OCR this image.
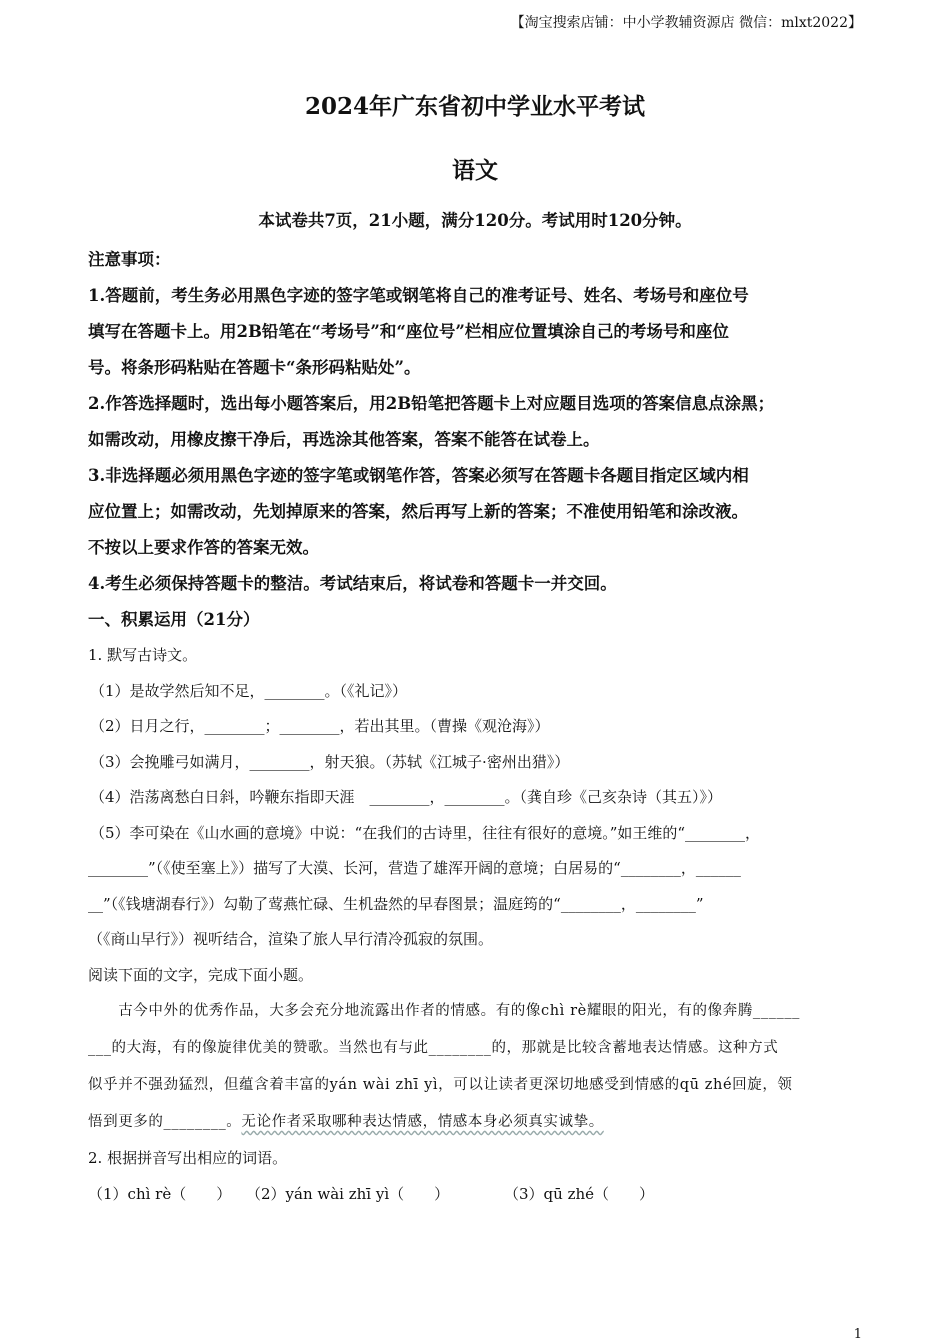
【淘宝搜索店铺：中小学教辅资源店 微信：mlxt2022】
2024年广东省初中学业水平考试
语文
本试卷共7页，21小题，满分120分。考试用时120分钟。
注意事项：
1.答题前，考生务必用黑色字迹的签字笔或钢笔将自己的准考证号、姓名、考场号和座位号
填写在答题卡上。用2B铅笔在“考场号”和“座位号”栏相应位置填涂自己的考场号和座位
号。将条形码粘贴在答题卡“条形码粘贴处”。
2.作答选择题时，选出每小题答案后，用2B铅笔把答题卡上对应题目选项的答案信息点涂黑；
如需改动，用橡皮擦干净后，再选涂其他答案，答案不能答在试卷上。
3.非选择题必须用黑色字迹的签字笔或钢笔作答，答案必须写在答题卡各题目指定区域内相
应位置上；如需改动，先划掉原来的答案，然后再写上新的答案；不准使用铅笔和涂改液。
不按以上要求作答的答案无效。
4.考生必须保持答题卡的整洁。考试结束后，将试卷和答题卡一并交回。
一、积累运用（21分）
1. 默写古诗文。
（1）是故学然后知不足，________。（《礼记》）
（2）日月之行，________；________，若出其里。（曹操《观沧海》）
（3）会挽雕弓如满月，________，射天狼。（苏轼《江城子·密州出猎》）
（4）浩荡离愁白日斜，吟鞭东指即天涯　________，________。（龚自珍《己亥杂诗（其五）》）
（5）李可染在《山水画的意境》中说：“在我们的古诗里，往往有很好的意境。”如王维的“________，
________”（《使至塞上》）描写了大漠、长河，营造了雄浑开阔的意境；白居易的“________，______
__”（《钱塘湖春行》）勾勒了莺燕忙碌、生机盎然的早春图景；温庭筠的“________，________”
（《商山早行》）视听结合，渲染了旅人早行清冷孤寂的氛围。
阅读下面的文字，完成下面小题。
　　古今中外的优秀作品，大多会充分地流露出作者的情感。有的像chì rè耀眼的阳光，有的像奔腾______
___的大海，有的像旋律优美的赞歌。当然也有与此________的，那就是比较含蓄地表达情感。这种方式
似乎并不强劲猛烈，但蕴含着丰富的yán wài zhī yì，可以让读者更深切地感受到情感的qū zhé回旋，领
悟到更多的________。无论作者采取哪种表达情感，情感本身必须真实诚挚。
2. 根据拼音写出相应的词语。
（1）chì rè（　　） （2）yán wài zhī yì（　　）	（3）qū zhé（　　）
1
